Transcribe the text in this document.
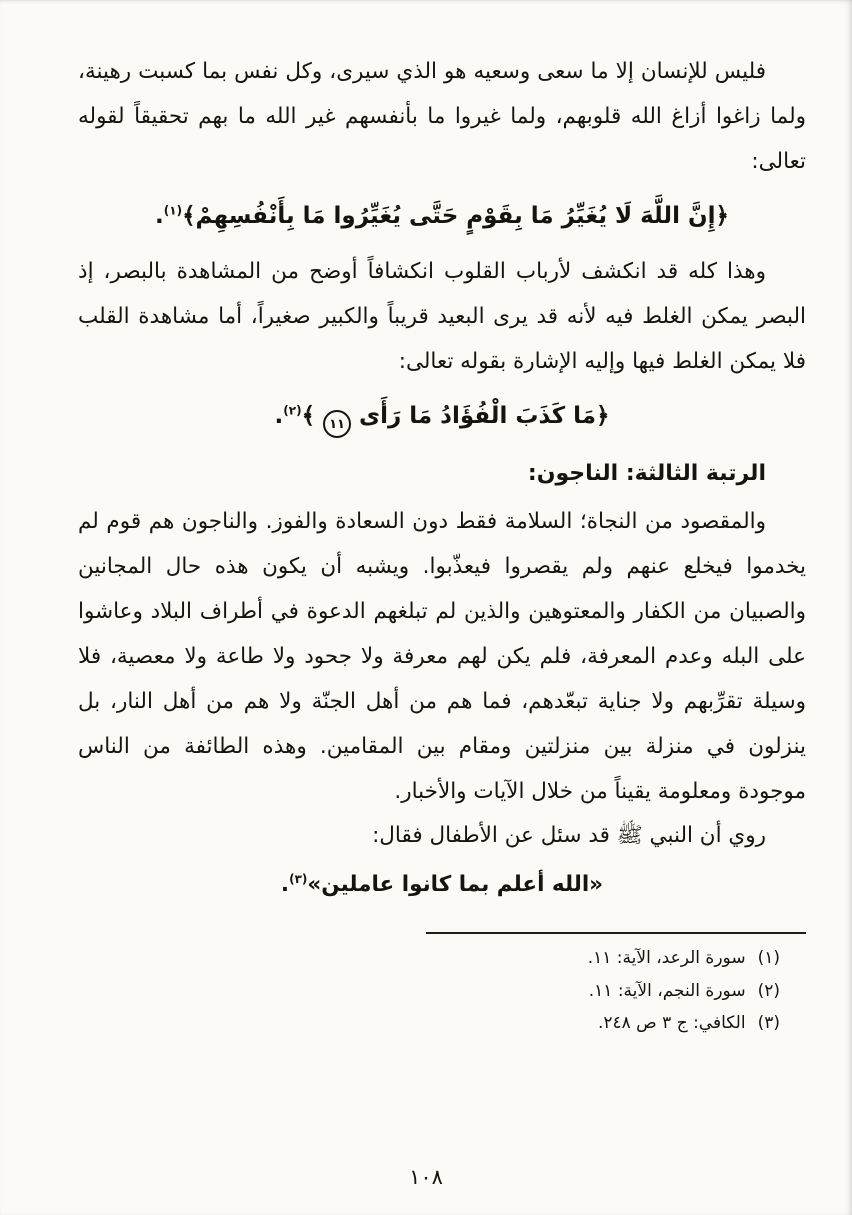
فليس للإنسان إلا ما سعى وسعيه هو الذي سيرى، وكل نفس بما كسبت رهينة، ولما زاغوا أزاغ الله قلوبهم، ولما غيروا ما بأنفسهم غير الله ما بهم تحقيقاً لقوله تعالى:

﴿إِنَّ اللَّهَ لَا يُغَيِّرُ مَا بِقَوْمٍ حَتَّى يُغَيِّرُوا مَا بِأَنْفُسِهِمْ﴾$^{(١)}$.

وهذا كله قد انكشف لأرباب القلوب انكشافاً أوضح من المشاهدة بالبصر، إذ البصر يمكن الغلط فيه لأنه قد يرى البعيد قريباً والكبير صغيراً، أما مشاهدة القلب فلا يمكن الغلط فيها وإليه الإشارة بقوله تعالى:

﴿مَا كَذَبَ الْفُؤَادُ مَا رَأَى١١﴾$^{(٢)}$.

الرتبة الثالثة: الناجون:

والمقصود من النجاة؛ السلامة فقط دون السعادة والفوز. والناجون هم قوم لم يخدموا فيخلع عنهم ولم يقصروا فيعذّبوا. ويشبه أن يكون هذه حال المجانين والصبيان من الكفار والمعتوهين والذين لم تبلغهم الدعوة في أطراف البلاد وعاشوا على البله وعدم المعرفة، فلم يكن لهم معرفة ولا جحود ولا طاعة ولا معصية، فلا وسيلة تقرِّبهم ولا جناية تبعّدهم، فما هم من أهل الجنّة ولا هم من أهل النار، بل ينزلون في منزلة بين منزلتين ومقام بين المقامين. وهذه الطائفة من الناس موجودة ومعلومة يقيناً من خلال الآيات والأخبار.

روي أن النبي ﷺ قد سئل عن الأطفال فقال:

«الله أعلم بما كانوا عاملين»$^{(٣)}$.
(١)سورة الرعد، الآية: ١١.
(٢)سورة النجم، الآية: ١١.
(٣)الكافي: ج ٣ ص ٢٤٨.
١٠٨
